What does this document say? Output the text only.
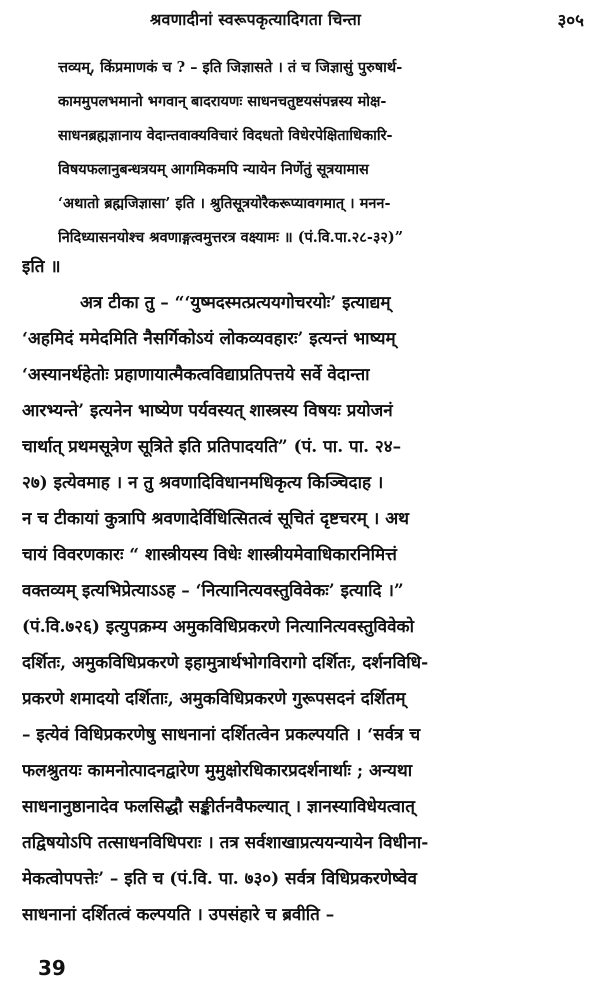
श्रवणादीनां स्वरूपकृत्यादिगता चिन्ता	३०५
त्तव्यम्, किंप्रमाणकं च ? – इति जिज्ञासते । तं च जिज्ञासुं पुरुषार्थ-
काममुपलभमानो भगवान् बादरायणः साधनचतुष्टयसंपन्नस्य मोक्ष-
साधनब्रह्मज्ञानाय वेदान्तवाक्यविचारं विदधतो विधेरपेक्षिताधिकारि-
विषयफलानुबन्धत्रयम् आगमिकमपि न्यायेन निर्णेतुं सूत्रयामास
‘अथातो ब्रह्मजिज्ञासा’ इति । श्रुतिसूत्रयोरैकरूप्यावगमात् । मनन-
निदिध्यासनयोश्च श्रवणाङ्गत्वमुत्तरत्र वक्ष्यामः ॥ (पं.वि.पा.२८-३२)”
इति ॥
अत्र टीका तु – “‘युष्मदस्मत्प्रत्ययगोचरयोः’ इत्याद्यम्
‘अहमिदं ममेदमिति नैसर्गिकोऽयं लोकव्यवहारः’ इत्यन्तं भाष्यम्
‘अस्यानर्थहेतोः प्रहाणायात्मैकत्वविद्याप्रतिपत्तये सर्वे वेदान्ता
आरभ्यन्ते’ इत्यनेन भाष्येण पर्यवस्यत् शास्त्रस्य विषयः प्रयोजनं
चार्थात् प्रथमसूत्रेण सूत्रिते इति प्रतिपादयति” (पं. पा. पा. २४–
२७) इत्येवमाह । न तु श्रवणादिविधानमधिकृत्य किञ्चिदाह ।
न च टीकायां कुत्रापि श्रवणादेर्विधित्सितत्वं सूचितं दृष्टचरम् । अथ
चायं विवरणकारः “ शास्त्रीयस्य विधेः शास्त्रीयमेवाधिकारनिमित्तं
वक्तव्यम् इत्यभिप्रेत्याऽऽह – ‘नित्यानित्यवस्तुविवेकः’ इत्यादि ।”
(पं.वि.७२६) इत्युपक्रम्य अमुकविधिप्रकरणे नित्यानित्यवस्तुविवेको
दर्शितः, अमुकविधिप्रकरणे इहामुत्रार्थभोगविरागो दर्शितः, दर्शनविधि-
प्रकरणे शमादयो दर्शिताः, अमुकविधिप्रकरणे गुरूपसदनं दर्शितम्
– इत्येवं विधिप्रकरणेषु साधनानां दर्शितत्वेन प्रकल्पयति । ‘सर्वत्र च
फलश्रुतयः कामनोत्पादनद्वारेण मुमुक्षोरधिकारप्रदर्शनार्थाः ; अन्यथा
साधनानुष्ठानादेव फलसिद्धौ सङ्कीर्तनवैफल्यात् । ज्ञानस्याविधेयत्वात्
तद्विषयोऽपि तत्साधनविधिपराः । तत्र सर्वशाखाप्रत्ययन्यायेन विधीना-
मेकत्वोपपत्तेः’ – इति च (पं.वि. पा. ७३०) सर्वत्र विधिप्रकरणेष्वेव
साधनानां दर्शितत्वं कल्पयति । उपसंहारे च ब्रवीति –
39
